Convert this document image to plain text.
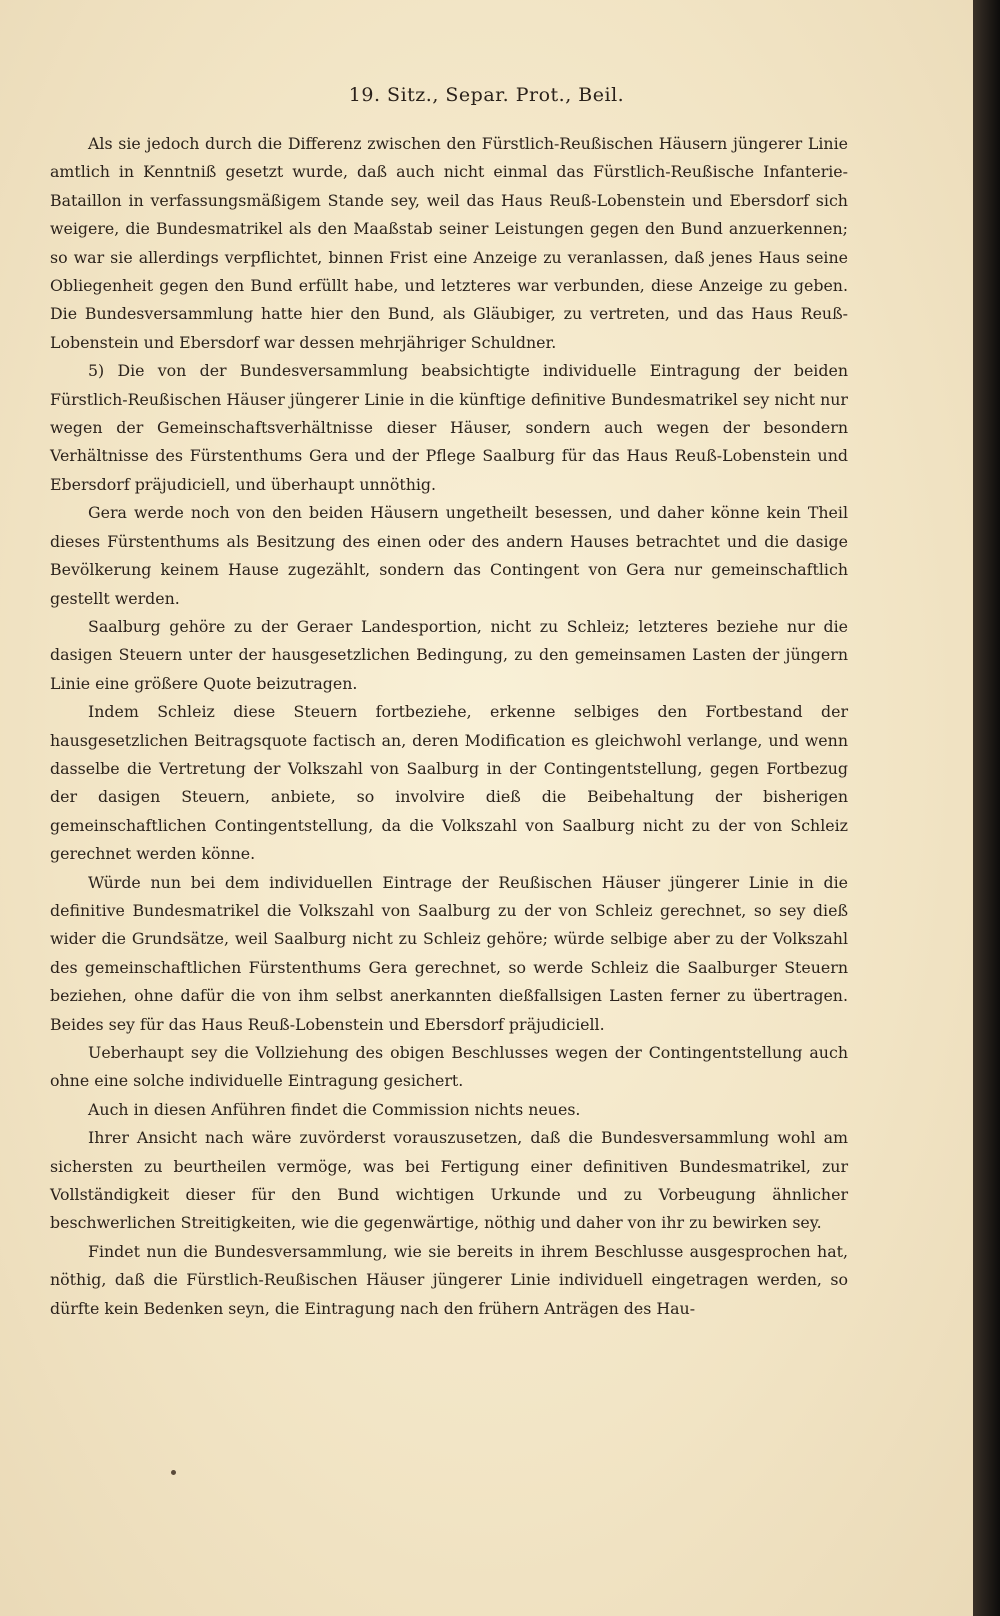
19. Sitz., Separ. Prot., Beil.

Als sie jedoch durch die Differenz zwischen den Fürstlich-Reußischen Häusern jüngerer Linie amtlich in Kenntniß gesetzt wurde, daß auch nicht einmal das Fürstlich-Reußische Infanterie-Bataillon in verfassungsmäßigem Stande sey, weil das Haus Reuß-Lobenstein und Ebersdorf sich weigere, die Bundesmatrikel als den Maaßstab seiner Leistungen gegen den Bund anzuerkennen; so war sie allerdings verpflichtet, binnen Frist eine Anzeige zu veranlassen, daß jenes Haus seine Obliegenheit gegen den Bund erfüllt habe, und letzteres war verbunden, diese Anzeige zu geben. Die Bundesversammlung hatte hier den Bund, als Gläubiger, zu vertreten, und das Haus Reuß-Lobenstein und Ebersdorf war dessen mehrjähriger Schuldner.

5) Die von der Bundesversammlung beabsichtigte individuelle Eintragung der beiden Fürstlich-Reußischen Häuser jüngerer Linie in die künftige definitive Bundesmatrikel sey nicht nur wegen der Gemeinschaftsverhältnisse dieser Häuser, sondern auch wegen der besondern Verhältnisse des Fürstenthums Gera und der Pflege Saalburg für das Haus Reuß-Lobenstein und Ebersdorf präjudiciell, und überhaupt unnöthig.

Gera werde noch von den beiden Häusern ungetheilt besessen, und daher könne kein Theil dieses Fürstenthums als Besitzung des einen oder des andern Hauses betrachtet und die dasige Bevölkerung keinem Hause zugezählt, sondern das Contingent von Gera nur gemeinschaftlich gestellt werden.

Saalburg gehöre zu der Geraer Landesportion, nicht zu Schleiz; letzteres beziehe nur die dasigen Steuern unter der hausgesetzlichen Bedingung, zu den gemeinsamen Lasten der jüngern Linie eine größere Quote beizutragen.

Indem Schleiz diese Steuern fortbeziehe, erkenne selbiges den Fortbestand der hausgesetzlichen Beitragsquote factisch an, deren Modification es gleichwohl verlange, und wenn dasselbe die Vertretung der Volkszahl von Saalburg in der Contingentstellung, gegen Fortbezug der dasigen Steuern, anbiete, so involvire dieß die Beibehaltung der bisherigen gemeinschaftlichen Contingentstellung, da die Volkszahl von Saalburg nicht zu der von Schleiz gerechnet werden könne.

Würde nun bei dem individuellen Eintrage der Reußischen Häuser jüngerer Linie in die definitive Bundesmatrikel die Volkszahl von Saalburg zu der von Schleiz gerechnet, so sey dieß wider die Grundsätze, weil Saalburg nicht zu Schleiz gehöre; würde selbige aber zu der Volkszahl des gemeinschaftlichen Fürstenthums Gera gerechnet, so werde Schleiz die Saalburger Steuern beziehen, ohne dafür die von ihm selbst anerkannten dießfallsigen Lasten ferner zu übertragen. Beides sey für das Haus Reuß-Lobenstein und Ebersdorf präjudiciell.

Ueberhaupt sey die Vollziehung des obigen Beschlusses wegen der Contingentstellung auch ohne eine solche individuelle Eintragung gesichert.

Auch in diesen Anführen findet die Commission nichts neues.

Ihrer Ansicht nach wäre zuvörderst vorauszusetzen, daß die Bundesversammlung wohl am sichersten zu beurtheilen vermöge, was bei Fertigung einer definitiven Bundesmatrikel, zur Vollständigkeit dieser für den Bund wichtigen Urkunde und zu Vorbeugung ähnlicher beschwerlichen Streitigkeiten, wie die gegenwärtige, nöthig und daher von ihr zu bewirken sey.

Findet nun die Bundesversammlung, wie sie bereits in ihrem Beschlusse ausgesprochen hat, nöthig, daß die Fürstlich-Reußischen Häuser jüngerer Linie individuell eingetragen werden, so dürfte kein Bedenken seyn, die Eintragung nach den frühern Anträgen des Hau-
